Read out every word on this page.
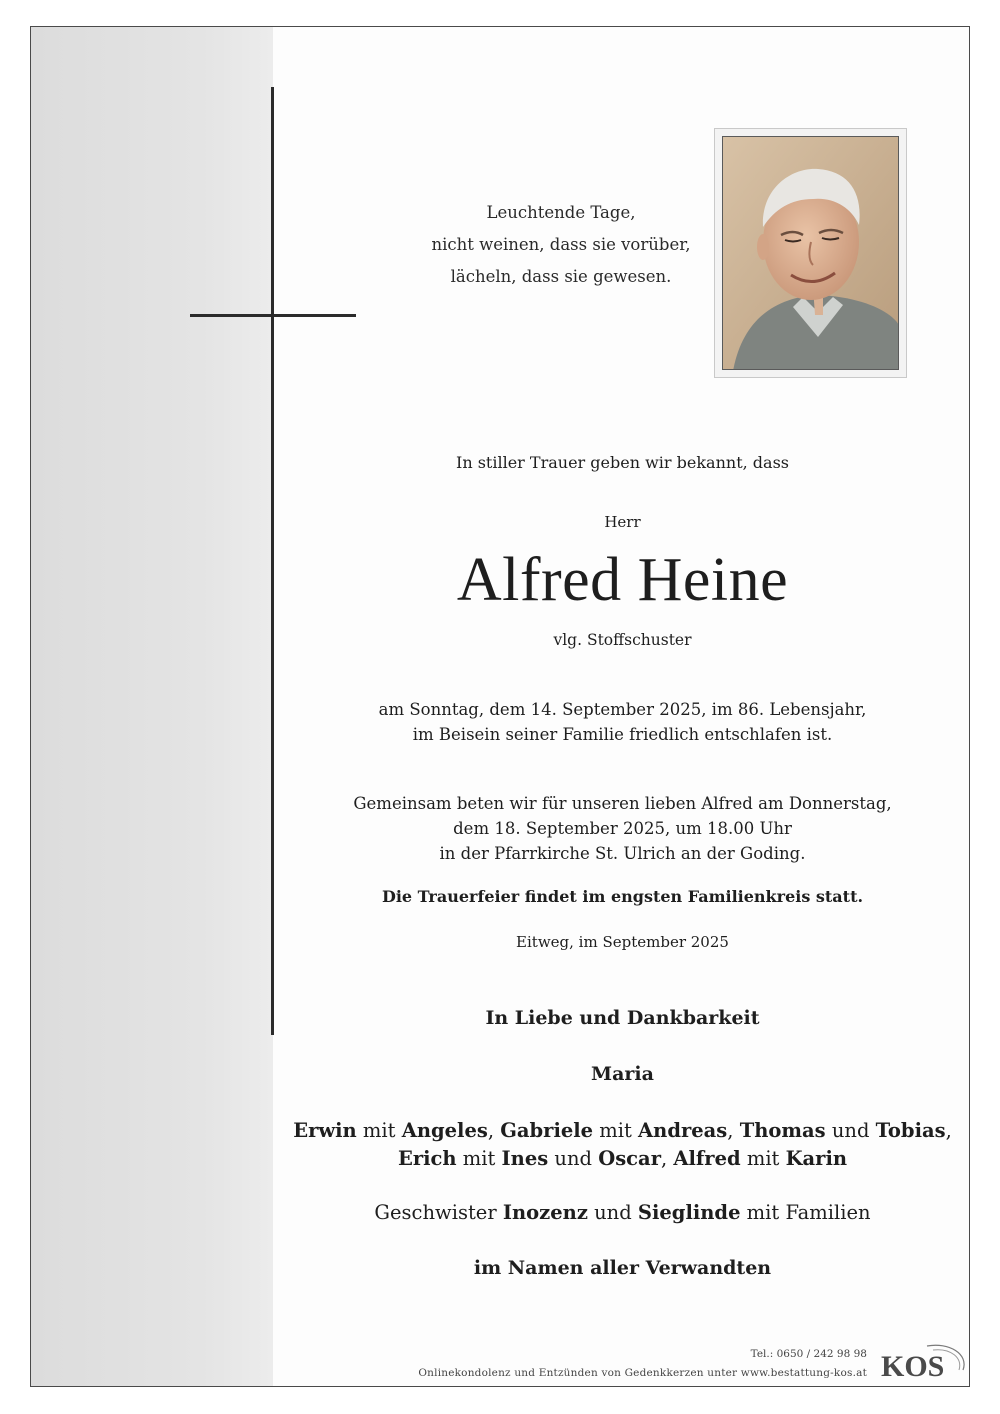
Leuchtende Tage,
nicht weinen, dass sie vorüber,
lächeln, dass sie gewesen.
In stiller Trauer geben wir bekannt, dass
Herr
Alfred Heine
vlg. Stoffschuster
am Sonntag, dem 14. September 2025, im 86. Lebensjahr,
im Beisein seiner Familie friedlich entschlafen ist.
Gemeinsam beten wir für unseren lieben Alfred am Donnerstag,
dem 18. September 2025, um 18.00 Uhr
in der Pfarrkirche St. Ulrich an der Goding.
Die Trauerfeier findet im engsten Familienkreis statt.
Eitweg, im September 2025
In Liebe und Dankbarkeit
Maria
Erwin mit Angeles, Gabriele mit Andreas, Thomas und Tobias,
Erich mit Ines und Oscar, Alfred mit Karin
Geschwister Inozenz und Sieglinde mit Familien
im Namen aller Verwandten
Tel.: 0650 / 242 98 98
Onlinekondolenz und Entzünden von Gedenkkerzen unter www.bestattung-kos.at KOS
